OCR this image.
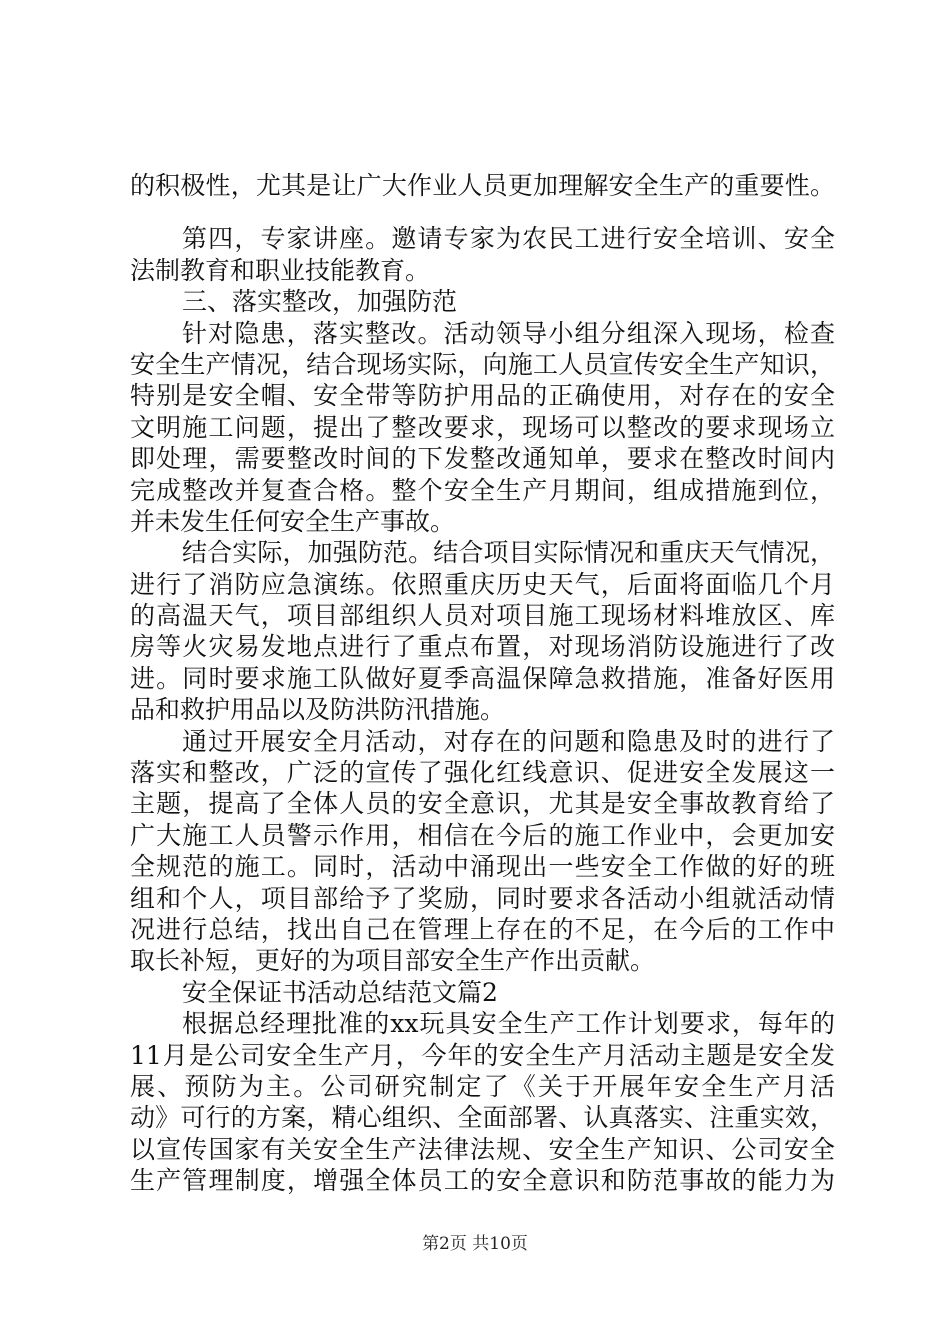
的积极性，尤其是让广大作业人员更加理解安全生产的重要性。
第四，专家讲座。邀请专家为农民工进行安全培训、安全
法制教育和职业技能教育。
三、落实整改，加强防范
针对隐患，落实整改。活动领导小组分组深入现场，检查
安全生产情况，结合现场实际，向施工人员宣传安全生产知识，
特别是安全帽、安全带等防护用品的正确使用，对存在的安全
文明施工问题，提出了整改要求，现场可以整改的要求现场立
即处理，需要整改时间的下发整改通知单，要求在整改时间内
完成整改并复查合格。整个安全生产月期间，组成措施到位，
并未发生任何安全生产事故。
结合实际，加强防范。结合项目实际情况和重庆天气情况，
进行了消防应急演练。依照重庆历史天气，后面将面临几个月
的高温天气，项目部组织人员对项目施工现场材料堆放区、库
房等火灾易发地点进行了重点布置，对现场消防设施进行了改
进。同时要求施工队做好夏季高温保障急救措施，准备好医用
品和救护用品以及防洪防汛措施。
通过开展安全月活动，对存在的问题和隐患及时的进行了
落实和整改，广泛的宣传了强化红线意识、促进安全发展这一
主题，提高了全体人员的安全意识，尤其是安全事故教育给了
广大施工人员警示作用，相信在今后的施工作业中，会更加安
全规范的施工。同时，活动中涌现出一些安全工作做的好的班
组和个人，项目部给予了奖励，同时要求各活动小组就活动情
况进行总结，找出自己在管理上存在的不足，在今后的工作中
取长补短，更好的为项目部安全生产作出贡献。
安全保证书活动总结范文篇2
根据总经理批准的xx玩具安全生产工作计划要求，每年的
11月是公司安全生产月，今年的安全生产月活动主题是安全发
展、预防为主。公司研究制定了《关于开展年安全生产月活
动》可行的方案，精心组织、全面部署、认真落实、注重实效，
以宣传国家有关安全生产法律法规、安全生产知识、公司安全
生产管理制度，增强全体员工的安全意识和防范事故的能力为
第2页 共10页
